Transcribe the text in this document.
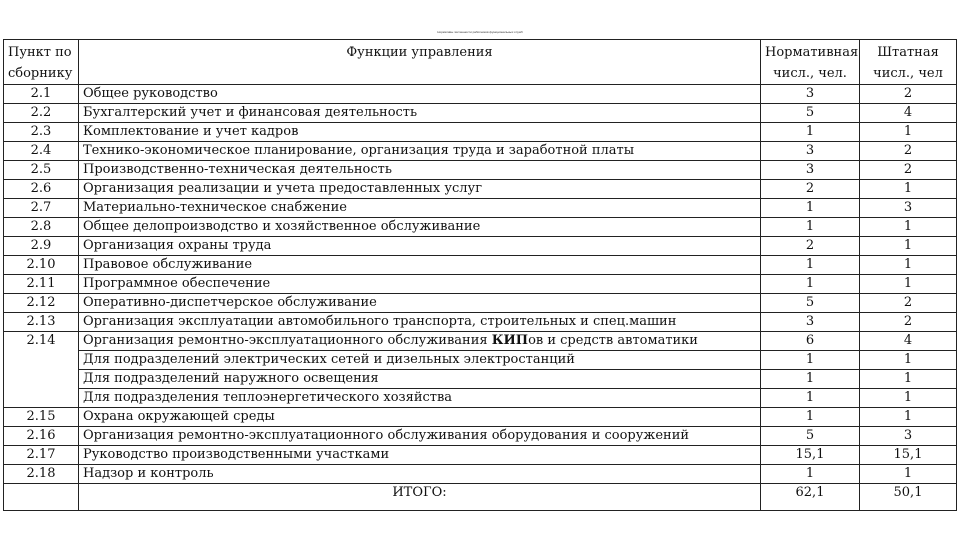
Нормативы численности работников функциональных служб
Пункт по сборнику	Функции управления	Нормативная числ., чел.	Штатная числ., чел
2.1	Общее руководство	3	2
2.2	Бухгалтерский учет и финансовая деятельность	5	4
2.3	Комплектование и учет кадров	1	1
2.4	Технико-экономическое планирование, организация труда и заработной платы	3	2
2.5	Производственно-техническая деятельность	3	2
2.6	Организация реализации и учета предоставленных услуг	2	1
2.7	Материально-техническое снабжение	1	3
2.8	Общее делопроизводство и хозяйственное обслуживание	1	1
2.9	Организация охраны труда	2	1
2.10	Правовое обслуживание	1	1
2.11	Программное обеспечение	1	1
2.12	Оперативно-диспетчерское обслуживание	5	2
2.13	Организация эксплуатации автомобильного транспорта, строительных и спец.машин	3	2
2.14	Организация ремонтно-эксплуатационного обслуживания КИПов и средств автоматики	6	4
	Для подразделений электрических сетей и дизельных электростанций	1	1
	Для подразделений наружного освещения	1	1
	Для подразделения теплоэнергетического хозяйства	1	1
2.15	Охрана окружающей среды	1	1
2.16	Организация ремонтно-эксплуатационного обслуживания оборудования и сооружений	5	3
2.17	Руководство производственными участками	15,1	15,1
2.18	Надзор и контроль	1	1
	ИТОГО:	62,1	50,1
